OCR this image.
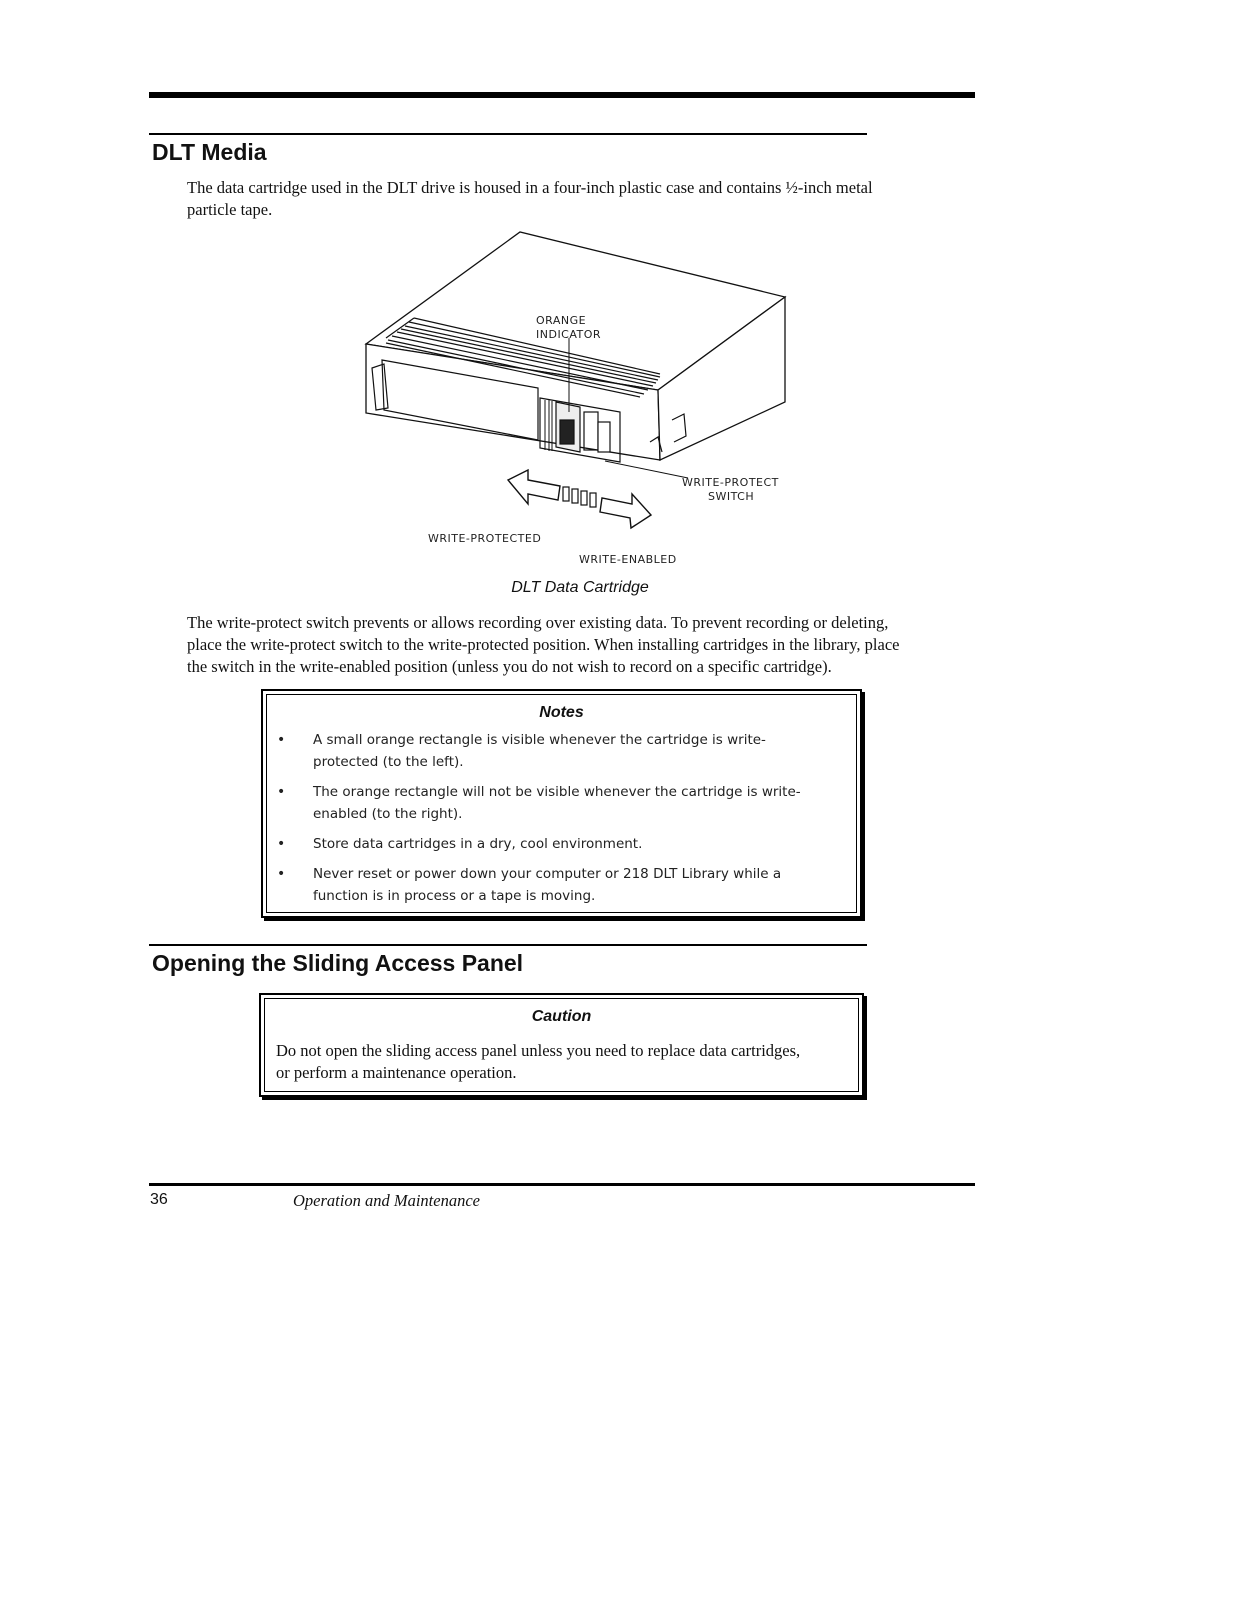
DLT Media
The data cartridge used in the DLT drive is housed in a four-inch plastic case and contains ½-inch metal
particle tape.
ORANGE
INDICATOR
WRITE-PROTECT
SWITCH
WRITE-PROTECTED
WRITE-ENABLED
DLT Data Cartridge
The write-protect switch prevents or allows recording over existing data. To prevent recording or deleting,
place the write-protect switch to the write-protected position. When installing cartridges in the library, place
the switch in the write-enabled position (unless you do not wish to record on a specific cartridge).
Notes
• A small orange rectangle is visible whenever the cartridge is write-
protected (to the left).
• The orange rectangle will not be visible whenever the cartridge is write-
enabled (to the right).
• Store data cartridges in a dry, cool environment.
• Never reset or power down your computer or 218 DLT Library while a
function is in process or a tape is moving.
Opening the Sliding Access Panel
Caution
Do not open the sliding access panel unless you need to replace data cartridges,
or perform a maintenance operation.
36	Operation and Maintenance
